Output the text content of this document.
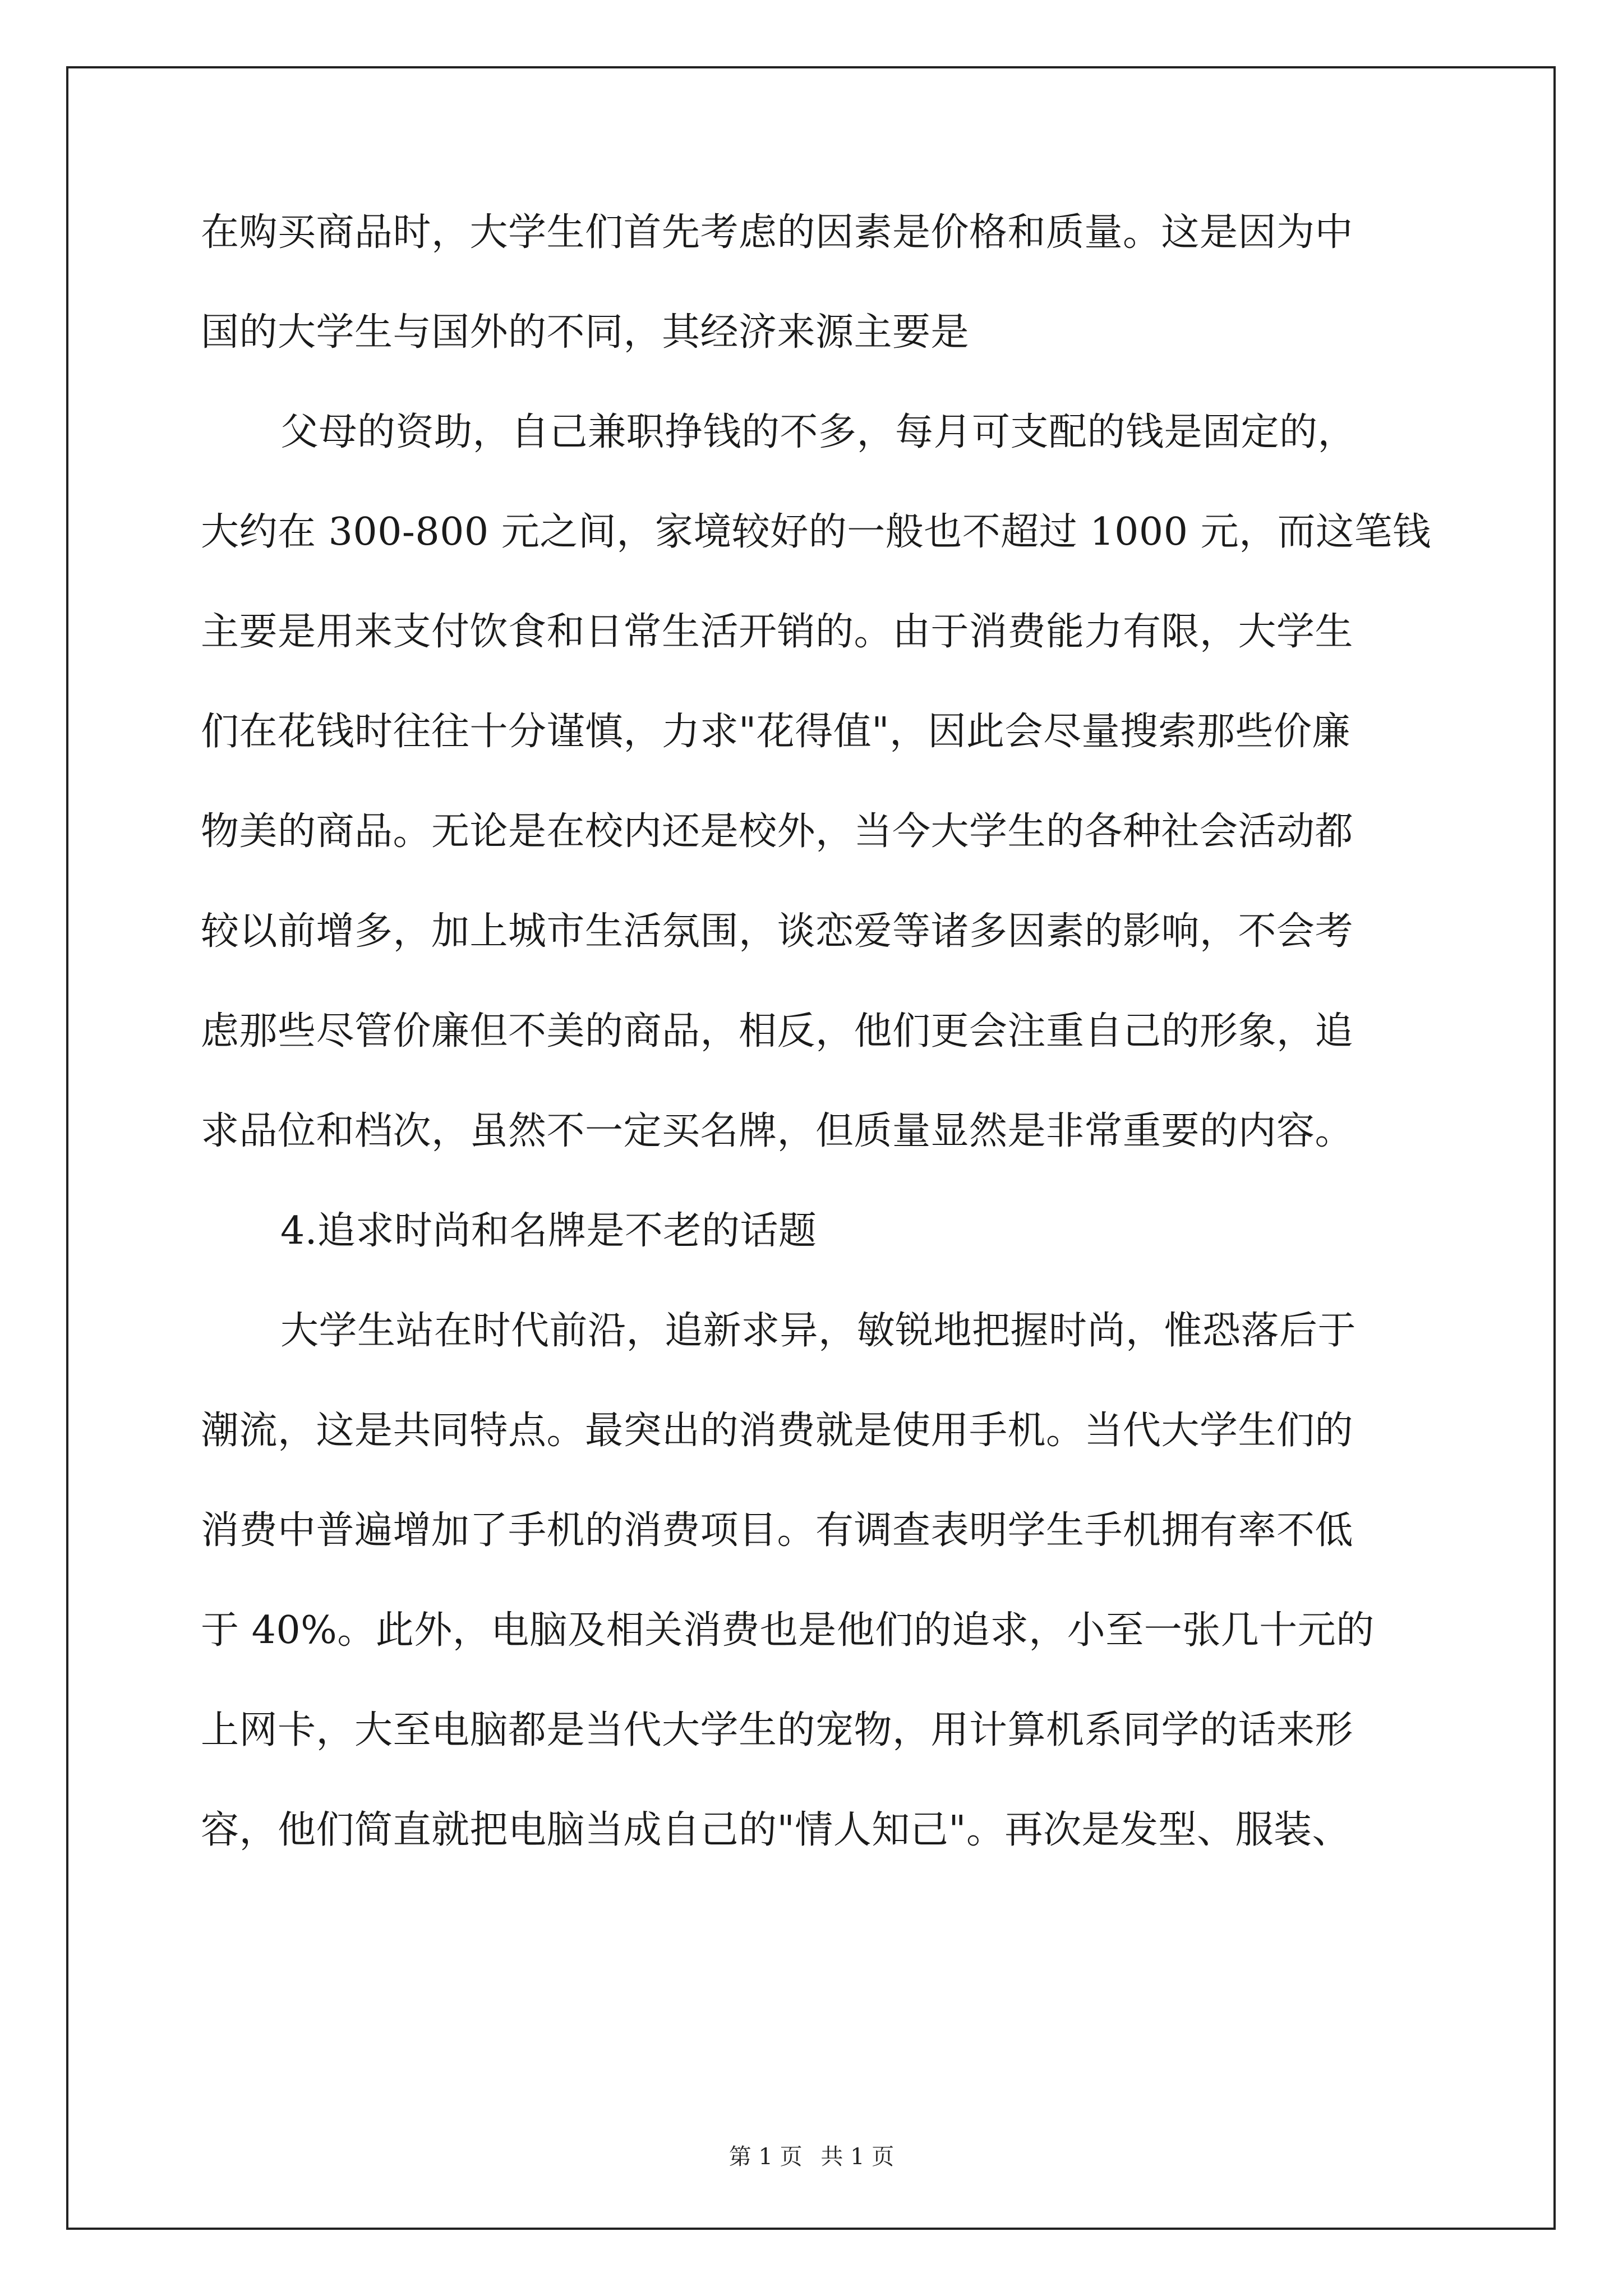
在购买商品时，大学生们首先考虑的因素是价格和质量。这是因为中
国的大学生与国外的不同，其经济来源主要是
父母的资助，自己兼职挣钱的不多，每月可支配的钱是固定的，
大约在 300-800 元之间，家境较好的一般也不超过 1000 元，而这笔钱
主要是用来支付饮食和日常生活开销的。由于消费能力有限，大学生
们在花钱时往往十分谨慎，力求"花得值"，因此会尽量搜索那些价廉
物美的商品。无论是在校内还是校外，当今大学生的各种社会活动都
较以前增多，加上城市生活氛围，谈恋爱等诸多因素的影响，不会考
虑那些尽管价廉但不美的商品，相反，他们更会注重自己的形象，追
求品位和档次，虽然不一定买名牌，但质量显然是非常重要的内容。
4.追求时尚和名牌是不老的话题
大学生站在时代前沿，追新求异，敏锐地把握时尚，惟恐落后于
潮流，这是共同特点。最突出的消费就是使用手机。当代大学生们的
消费中普遍增加了手机的消费项目。有调查表明学生手机拥有率不低
于 40%。此外，电脑及相关消费也是他们的追求，小至一张几十元的
上网卡，大至电脑都是当代大学生的宠物，用计算机系同学的话来形
容，他们简直就把电脑当成自己的"情人知己"。再次是发型、服装、
第 1 页 共 1 页
